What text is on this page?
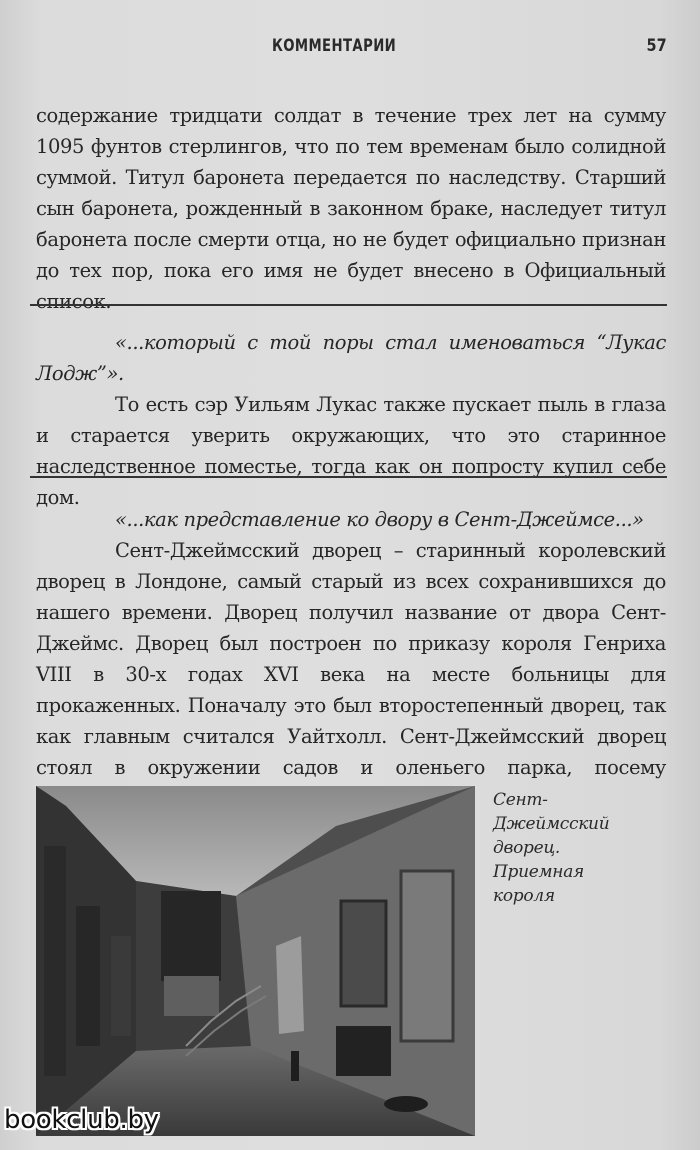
КОММЕНТАРИИ	57

содержание тридцати солдат в течение трех лет на сумму 1095 фунтов стерлингов, что по тем временам было солидной суммой. Титул баронета передается по наследству. Старший сын баронета, рожденный в законном браке, наследует титул баронета после смерти отца, но не будет официально признан до тех пор, пока его имя не будет внесено в Официальный список.

«...который с той поры стал именоваться “Лукас Лодж”».

То есть сэр Уильям Лукас также пускает пыль в глаза и старается уверить окружающих, что это старинное наследственное поместье, тогда как он попросту купил себе дом.

«...как представление ко двору в Сент-Джеймсе...»

Сент-Джеймсский дворец – старинный королевский дворец в Лондоне, самый старый из всех сохранившихся до нашего времени. Дворец получил название от двора Сент-Джеймс. Дворец был построен по приказу короля Генриха VIII в 30-х годах XVI века на месте больницы для прокаженных. Поначалу это был второстепенный дворец, так как главным считался Уайтхолл. Сент-Джеймсский дворец стоял в окружении садов и оленьего парка, посему

Сент-Джеймсский дворец. Приемная короля
bookclub.by
